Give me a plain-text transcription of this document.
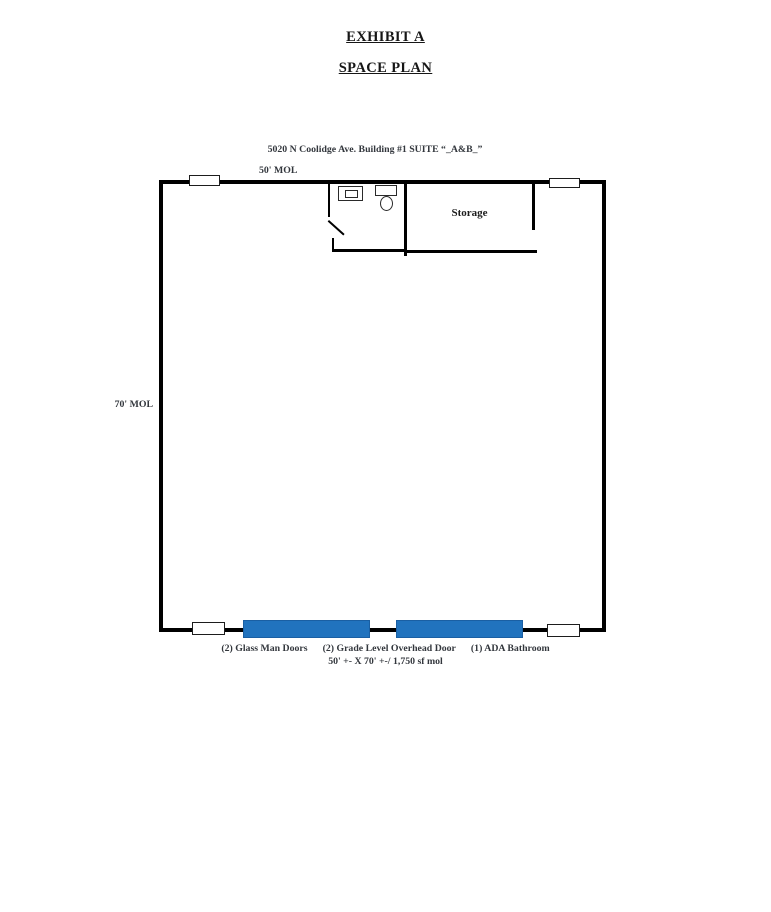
EXHIBIT A
SPACE PLAN
5020 N Coolidge Ave. Building #1 SUITE “_A&B_”
50' MOL
70' MOL
Storage
(2) Glass Man Doors (2) Grade Level Overhead Door (1) ADA Bathroom
50' +- X 70' +-/ 1,750 sf mol
